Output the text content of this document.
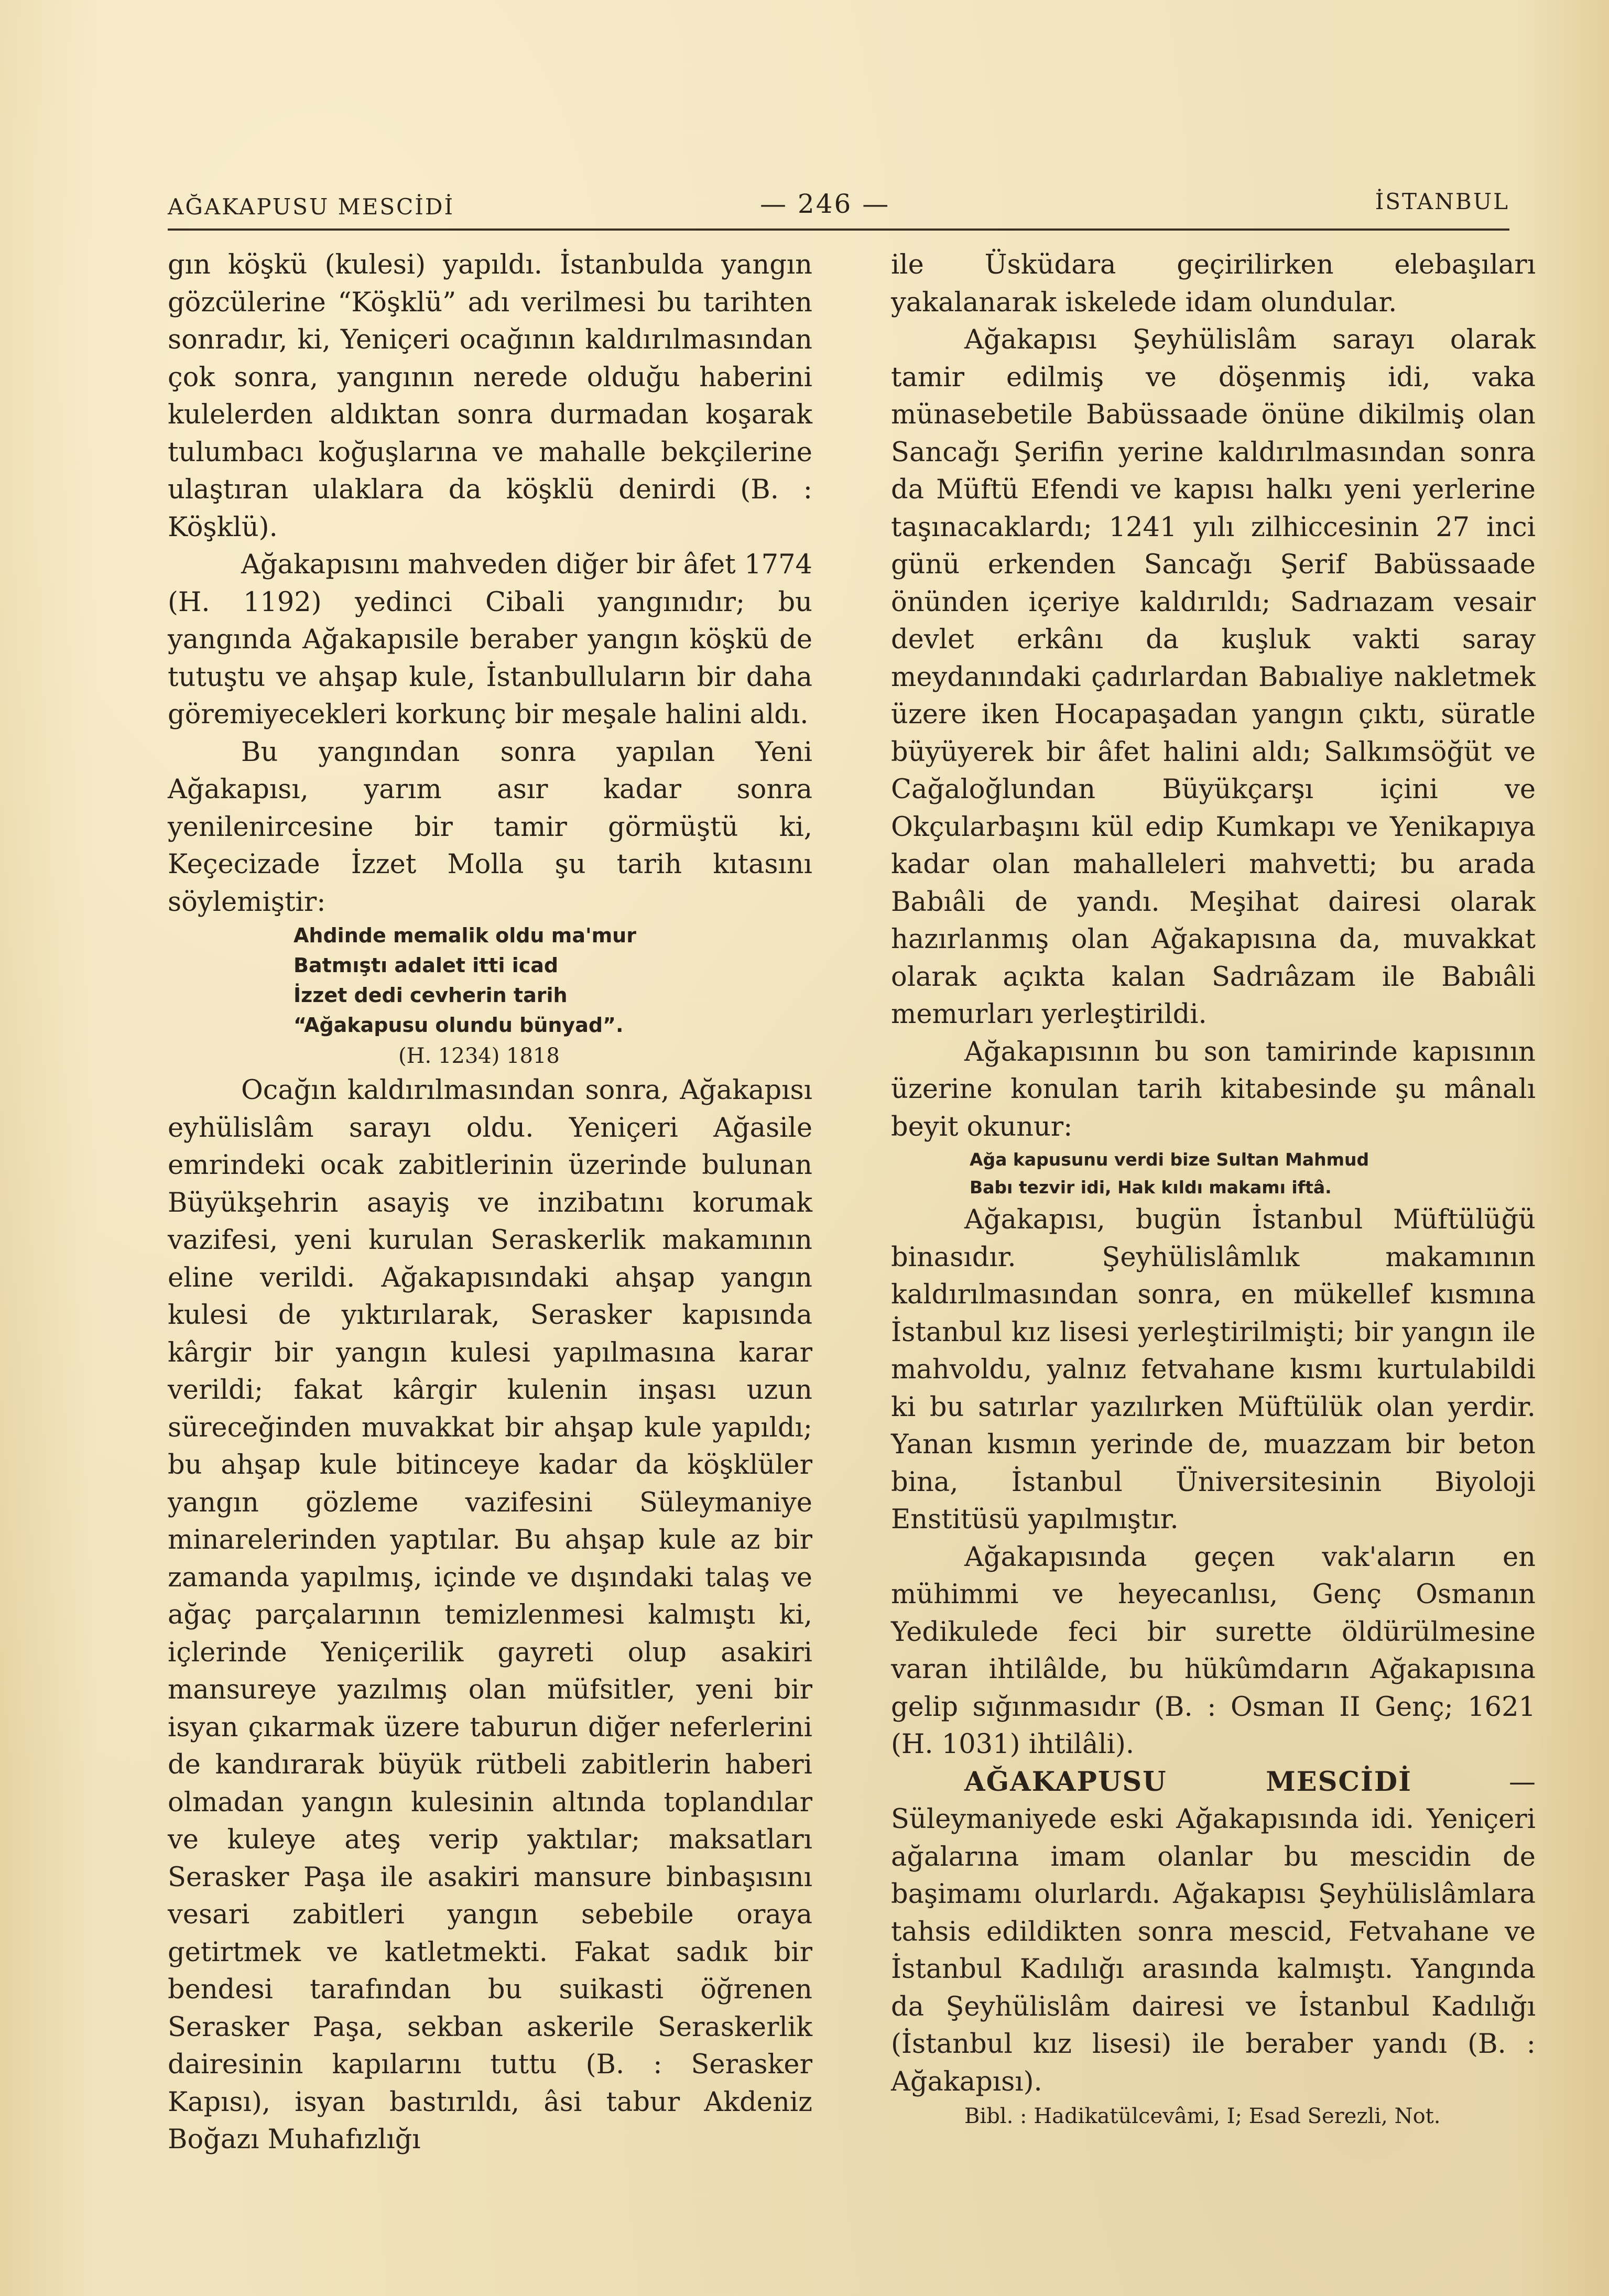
AĞAKAPUSU MESCİDİ	— 246 —	İSTANBUL

gın köşkü (kulesi) yapıldı. İstanbulda yangın gözcülerine “Köşklü” adı verilmesi bu tarihten sonradır, ki, Yeniçeri ocağının kaldırılmasından çok sonra, yangının nerede olduğu haberini kulelerden aldıktan sonra durmadan koşarak tulumbacı koğuşlarına ve mahalle bekçilerine ulaştıran ulaklara da köşklü denirdi (B. : Köşklü).

Ağakapısını mahveden diğer bir âfet 1774 (H. 1192) yedinci Cibali yangınıdır; bu yangında Ağakapısile beraber yangın köşkü de tutuştu ve ahşap kule, İstanbulluların bir daha göremiyecekleri korkunç bir meşale halini aldı.

Bu yangından sonra yapılan Yeni Ağakapısı, yarım asır kadar sonra yenilenircesine bir tamir görmüştü ki, Keçecizade İzzet Molla şu tarih kıtasını söylemiştir:

Ahdinde memalik oldu ma'mur

Batmıştı adalet itti icad

İzzet dedi cevherin tarih

“Ağakapusu olundu bünyad”.

(H. 1234) 1818

Ocağın kaldırılmasından sonra, Ağakapısı eyhülislâm sarayı oldu. Yeniçeri Ağasile emrindeki ocak zabitlerinin üzerinde bulunan Büyükşehrin asayiş ve inzibatını korumak vazifesi, yeni kurulan Seraskerlik makamının eline verildi. Ağakapısındaki ahşap yangın kulesi de yıktırılarak, Serasker kapısında kârgir bir yangın kulesi yapılmasına karar verildi; fakat kârgir kulenin inşası uzun süreceğinden muvakkat bir ahşap kule yapıldı; bu ahşap kule bitinceye kadar da köşklüler yangın gözleme vazifesini Süleymaniye minarelerinden yaptılar. Bu ahşap kule az bir zamanda yapılmış, içinde ve dışındaki talaş ve ağaç parçalarının temizlenmesi kalmıştı ki, içlerinde Yeniçerilik gayreti olup asakiri mansureye yazılmış olan müfsitler, yeni bir isyan çıkarmak üzere taburun diğer neferlerini de kandırarak büyük rütbeli zabitlerin haberi olmadan yangın kulesinin altında toplandılar ve kuleye ateş verip yaktılar; maksatları Serasker Paşa ile asakiri mansure binbaşısını vesari zabitleri yangın sebebile oraya getirtmek ve katletmekti. Fakat sadık bir bendesi tarafından bu suikasti öğrenen Serasker Paşa, sekban askerile Seraskerlik dairesinin kapılarını tuttu (B. : Serasker Kapısı), isyan bastırıldı, âsi tabur Akdeniz Boğazı Muhafızlığı

ile Üsküdara geçirilirken elebaşıları yakalanarak iskelede idam olundular.

Ağakapısı Şeyhülislâm sarayı olarak tamir edilmiş ve döşenmiş idi, vaka münasebetile Babüssaade önüne dikilmiş olan Sancağı Şerifin yerine kaldırılmasından sonra da Müftü Efendi ve kapısı halkı yeni yerlerine taşınacaklardı; 1241 yılı zilhiccesinin 27 inci günü erkenden Sancağı Şerif Babüssaade önünden içeriye kaldırıldı; Sadrıazam vesair devlet erkânı da kuşluk vakti saray meydanındaki çadırlardan Babıaliye nakletmek üzere iken Hocapaşadan yangın çıktı, süratle büyüyerek bir âfet halini aldı; Salkımsöğüt ve Cağaloğlundan Büyükçarşı içini ve Okçularbaşını kül edip Kumkapı ve Yenikapıya kadar olan mahalleleri mahvetti; bu arada Babıâli de yandı. Meşihat dairesi olarak hazırlanmış olan Ağakapısına da, muvakkat olarak açıkta kalan Sadrıâzam ile Babıâli memurları yerleştirildi.

Ağakapısının bu son tamirinde kapısının üzerine konulan tarih kitabesinde şu mânalı beyit okunur:

Ağa kapusunu verdi bize Sultan Mahmud

Babı tezvir idi, Hak kıldı makamı iftâ.

Ağakapısı, bugün İstanbul Müftülüğü binasıdır. Şeyhülislâmlık makamının kaldırılmasından sonra, en mükellef kısmına İstanbul kız lisesi yerleştirilmişti; bir yangın ile mahvoldu, yalnız fetvahane kısmı kurtulabildi ki bu satırlar yazılırken Müftülük olan yerdir. Yanan kısmın yerinde de, muazzam bir beton bina, İstanbul Üniversitesinin Biyoloji Enstitüsü yapılmıştır.

Ağakapısında geçen vak'aların en mühimmi ve heyecanlısı, Genç Osmanın Yedikulede feci bir surette öldürülmesine varan ihtilâlde, bu hükûmdarın Ağakapısına gelip sığınmasıdır (B. : Osman II Genç; 1621 (H. 1031) ihtilâli).

AĞAKAPUSU MESCİDİ	— Süleymaniyede eski Ağakapısında idi. Yeniçeri ağalarına imam olanlar bu mescidin de başimamı olurlardı. Ağakapısı Şeyhülislâmlara tahsis edildikten sonra mescid, Fetvahane ve İstanbul Kadılığı arasında kalmıştı. Yangında da Şeyhülislâm dairesi ve İstanbul Kadılığı (İstanbul kız lisesi) ile beraber yandı (B. : Ağakapısı).

Bibl. : Hadikatülcevâmi, I; Esad Serezli, Not.
